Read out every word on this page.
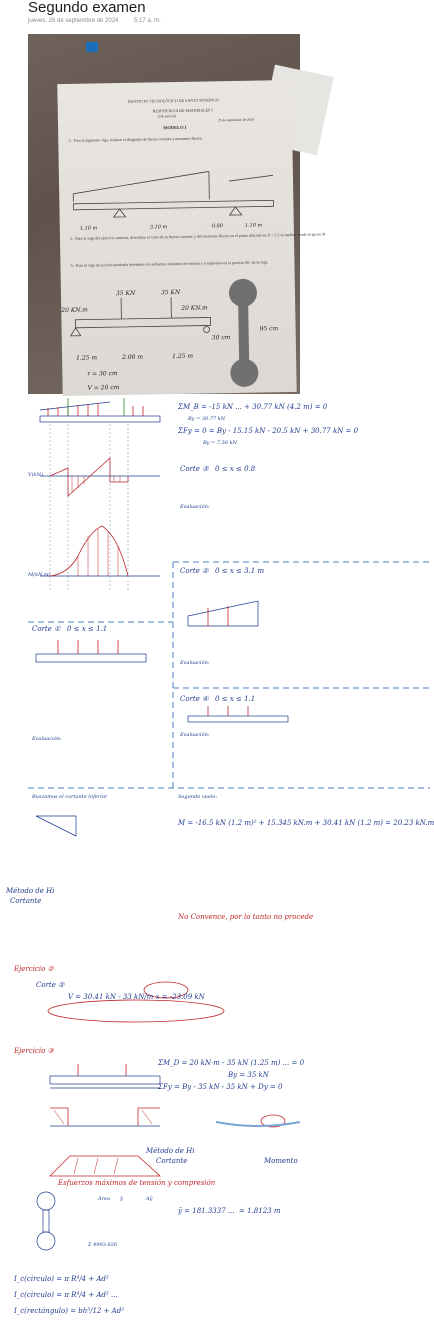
Segundo examen
jueves, 26 de septiembre de 2024	5:17 a. m.
INSTITUTO TECNOLÓGICO DE SANTO DOMINGO
RESISTENCIA DE MATERIALES I
(2do parcial)
25 de septiembre de 2024
MODELO I
1.- Para la siguiente viga, realizar el diagrama de fuerza cortante y momento flector.
2.- Para la viga del ejercicio anterior, determine el valor de la fuerza cortante y del momento flector en el punto ubicado en X = 2.5 m medido desde el apoyo B
3.- Para la viga de sección mostrada determine los esfuerzos máximos de tensión y compresión en la porción BC de la viga.
1.10 m	3.10 m	0.80	1.10 m
35 KN	35 KN
20 KN.m	20 KN.m
1.25 m	2.00 m	1.25 m
r = 30 cm
V = 20 cm
95 cm
30 cm
ΣM_B = -15 kN ... + 30.77 kN (4.2 m) = 0
By = 30.77 kN
ΣFy = 0 = By - 15.15 kN - 20.5 kN + 30.77 kN = 0
By = 7.56 kN
V(kN)
M(kN.m)
Corte ③   0 ≤ x ≤ 0.8
Evaluación:
Corte ②   0 ≤ x ≤ 3.1 m
Evaluación:
Corte ①   0 ≤ x ≤ 1.1
Evaluación:
Corte ④   0 ≤ x ≤ 1.1
Evaluación:
Buscamos el cortante inferior	Segundo vuelo:
M = -16.5 kN (1.2 m)² + 15.345 kN.m + 30.41 kN (1.2 m) = 20.23 kN.m
Método de Hi
Cortante
No Convence, por lo tanto no procede
Ejercicio ②
Corte ②
V = 30.41 kN - 33 kN/m x = -23.09 kN
Ejercicio ③
ΣM_D = 20 kN·m - 35 kN (1.25 m) ... = 0
By = 35 kN
ΣFy = By - 35 kN - 35 kN + Dy = 0
Método de Hi
Cortante	Momento
Esfuerzos máximos de tensión y compresión
Área ȳ	Aȳ
Σ 4993.826
ȳ = 181.3337 ...  = 1.8123 m
I_c(circulo) = π R⁴/4 + Ad²
I_c(circulo) = π R⁴/4 + Ad² ...
I_c(rectángulo) = bh³/12 + Ad²
